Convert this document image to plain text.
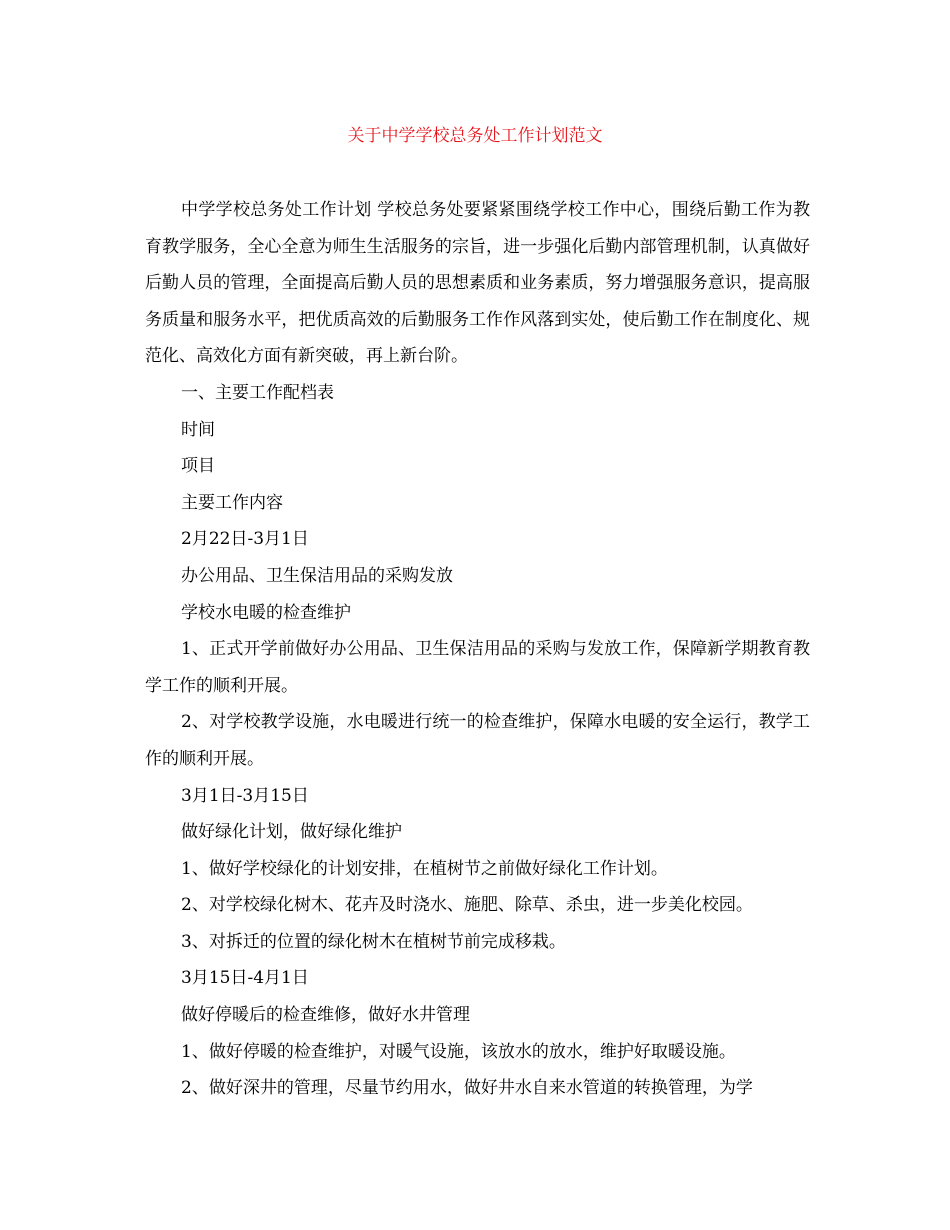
关于中学学校总务处工作计划范文

中学学校总务处工作计划 学校总务处要紧紧围绕学校工作中心，围绕后勤工作为教育教学服务，全心全意为师生生活服务的宗旨，进一步强化后勤内部管理机制，认真做好后勤人员的管理，全面提高后勤人员的思想素质和业务素质，努力增强服务意识，提高服务质量和服务水平，把优质高效的后勤服务工作作风落到实处，使后勤工作在制度化、规范化、高效化方面有新突破，再上新台阶。

一、主要工作配档表

时间

项目

主要工作内容

2月22日-3月1日

办公用品、卫生保洁用品的采购发放

学校水电暖的检查维护

1、正式开学前做好办公用品、卫生保洁用品的采购与发放工作，保障新学期教育教学工作的顺利开展。

2、对学校教学设施，水电暖进行统一的检查维护，保障水电暖的安全运行，教学工作的顺利开展。

3月1日-3月15日

做好绿化计划，做好绿化维护

1、做好学校绿化的计划安排，在植树节之前做好绿化工作计划。

2、对学校绿化树木、花卉及时浇水、施肥、除草、杀虫，进一步美化校园。

3、对拆迁的位置的绿化树木在植树节前完成移栽。

3月15日-4月1日

做好停暖后的检查维修，做好水井管理

1、做好停暖的检查维护，对暖气设施，该放水的放水，维护好取暖设施。

2、做好深井的管理，尽量节约用水，做好井水自来水管道的转换管理，为学
